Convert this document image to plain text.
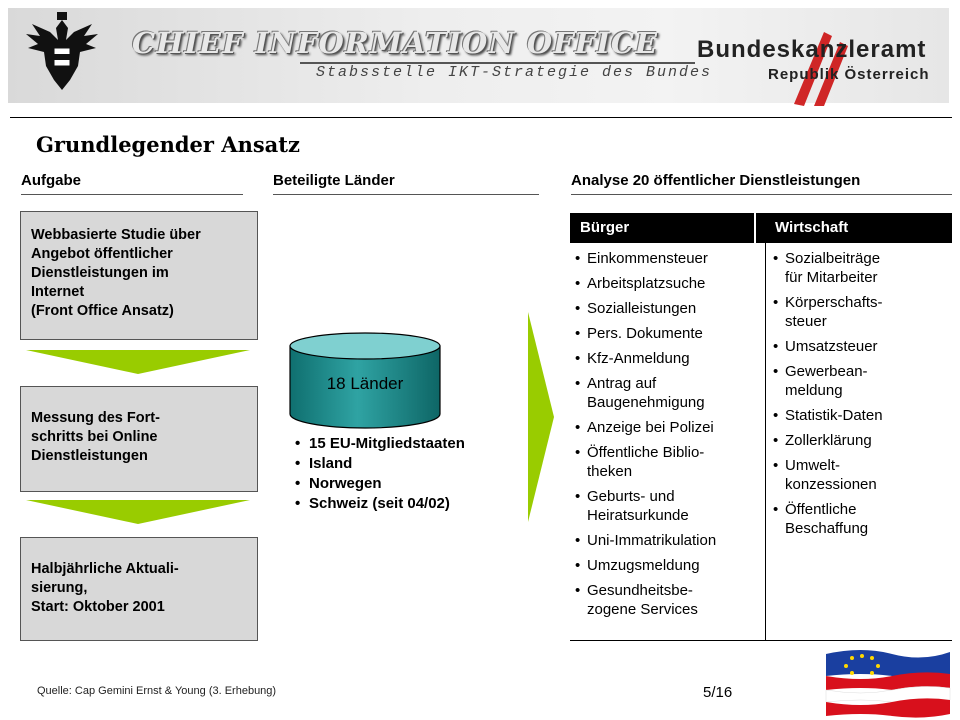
CHIEF INFORMATION OFFICE
Stabsstelle IKT-Strategie des Bundes
Bundeskanzleramt
Republik Österreich
Grundlegender Ansatz
Aufgabe	Beteiligte Länder	Analyse 20 öffentlicher Dienstleistungen
Webbasierte Studie über
Angebot öffentlicher
Dienstleistungen im
Internet
(Front Office Ansatz)
Messung des Fort-
schritts bei Online
Dienstleistungen
Halbjährliche Aktuali-
sierung,
Start: Oktober 2001
18 Länder
• 15 EU-Mitgliedstaaten
• Island
• Norwegen
• Schweiz (seit 04/02)
Bürger	Wirtschaft
• Einkommensteuer
• Arbeitsplatzsuche
• Sozialleistungen
• Pers. Dokumente
• Kfz-Anmeldung
• Antrag auf
Baugenehmigung
• Anzeige bei Polizei
• Öffentliche Biblio-
theken
• Geburts- und
Heiratsurkunde
• Uni-Immatrikulation
• Umzugsmeldung
• Gesundheitsbe-
zogene Services
• Sozialbeiträge
für Mitarbeiter
• Körperschafts-
steuer
• Umsatzsteuer
• Gewerbean-
meldung
• Statistik-Daten
• Zollerklärung
• Umwelt-
konzessionen
• Öffentliche
Beschaffung
Quelle: Cap Gemini Ernst & Young (3. Erhebung)	5/16
